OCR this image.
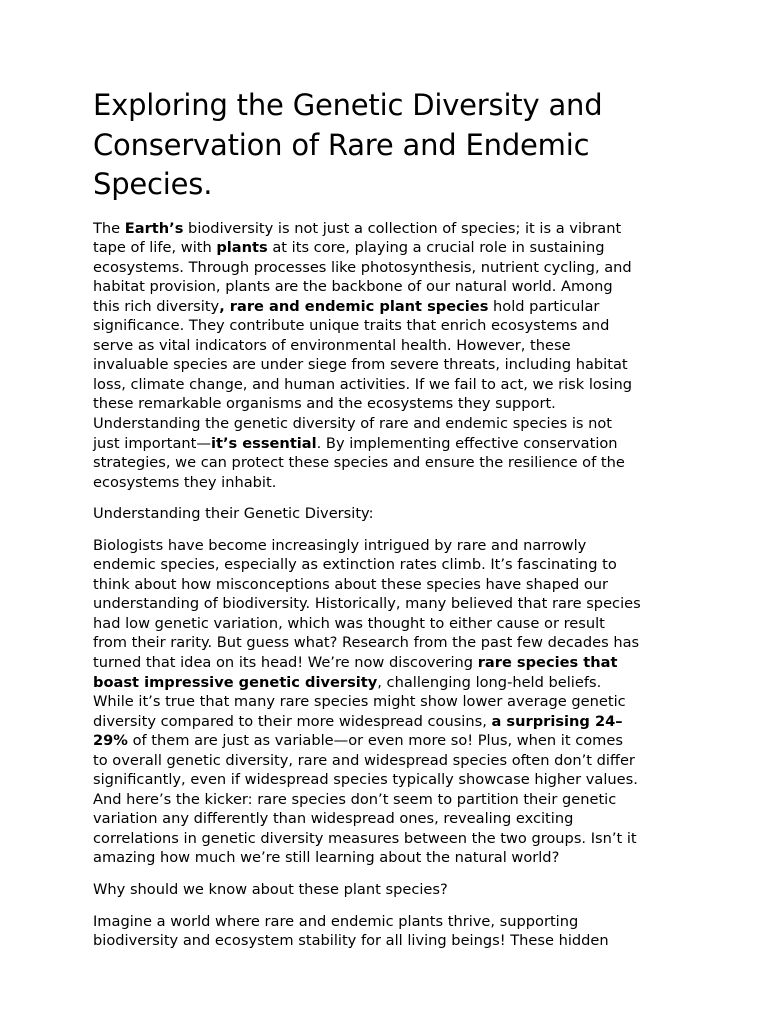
Exploring the Genetic Diversity and
Conservation of Rare and Endemic
Species.

The Earth’s biodiversity is not just a collection of species; it is a vibrant
tape of life, with plants at its core, playing a crucial role in sustaining
ecosystems. Through processes like photosynthesis, nutrient cycling, and
habitat provision, plants are the backbone of our natural world. Among
this rich diversity, rare and endemic plant species hold particular
significance. They contribute unique traits that enrich ecosystems and
serve as vital indicators of environmental health. However, these
invaluable species are under siege from severe threats, including habitat
loss, climate change, and human activities. If we fail to act, we risk losing
these remarkable organisms and the ecosystems they support.
Understanding the genetic diversity of rare and endemic species is not
just important—it’s essential. By implementing effective conservation
strategies, we can protect these species and ensure the resilience of the
ecosystems they inhabit.

Understanding their Genetic Diversity:

Biologists have become increasingly intrigued by rare and narrowly
endemic species, especially as extinction rates climb. It’s fascinating to
think about how misconceptions about these species have shaped our
understanding of biodiversity. Historically, many believed that rare species
had low genetic variation, which was thought to either cause or result
from their rarity. But guess what? Research from the past few decades has
turned that idea on its head! We’re now discovering rare species that
boast impressive genetic diversity, challenging long-held beliefs.
While it’s true that many rare species might show lower average genetic
diversity compared to their more widespread cousins, a surprising 24–
29% of them are just as variable—or even more so! Plus, when it comes
to overall genetic diversity, rare and widespread species often don’t differ
significantly, even if widespread species typically showcase higher values.
And here’s the kicker: rare species don’t seem to partition their genetic
variation any differently than widespread ones, revealing exciting
correlations in genetic diversity measures between the two groups. Isn’t it
amazing how much we’re still learning about the natural world?

Why should we know about these plant species?

Imagine a world where rare and endemic plants thrive, supporting
biodiversity and ecosystem stability for all living beings! These hidden
